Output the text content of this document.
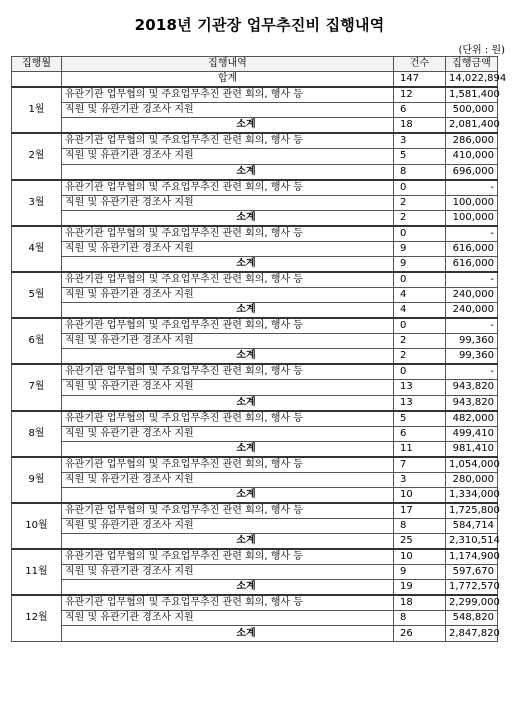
2018년 기관장 업무추진비 집행내역
(단위 : 원)
집행월	집행내역	건수	집행금액
	합계	147	14,022,894
1월	유관기관 업무협의 및 주요업무추진 관련 회의, 행사 등	12	1,581,400
	직원 및 유관기관 경조사 지원	6	500,000
	소계	18	2,081,400
2월	유관기관 업무협의 및 주요업무추진 관련 회의, 행사 등	3	286,000
	직원 및 유관기관 경조사 지원	5	410,000
	소계	8	696,000
3월	유관기관 업무협의 및 주요업무추진 관련 회의, 행사 등	0	-
	직원 및 유관기관 경조사 지원	2	100,000
	소계	2	100,000
4월	유관기관 업무협의 및 주요업무추진 관련 회의, 행사 등	0	-
	직원 및 유관기관 경조사 지원	9	616,000
	소계	9	616,000
5월	유관기관 업무협의 및 주요업무추진 관련 회의, 행사 등	0	-
	직원 및 유관기관 경조사 지원	4	240,000
	소계	4	240,000
6월	유관기관 업무협의 및 주요업무추진 관련 회의, 행사 등	0	-
	직원 및 유관기관 경조사 지원	2	99,360
	소계	2	99,360
7월	유관기관 업무협의 및 주요업무추진 관련 회의, 행사 등	0	-
	직원 및 유관기관 경조사 지원	13	943,820
	소계	13	943,820
8월	유관기관 업무협의 및 주요업무추진 관련 회의, 행사 등	5	482,000
	직원 및 유관기관 경조사 지원	6	499,410
	소계	11	981,410
9월	유관기관 업무협의 및 주요업무추진 관련 회의, 행사 등	7	1,054,000
	직원 및 유관기관 경조사 지원	3	280,000
	소계	10	1,334,000
10월	유관기관 업무협의 및 주요업무추진 관련 회의, 행사 등	17	1,725,800
	직원 및 유관기관 경조사 지원	8	584,714
	소계	25	2,310,514
11월	유관기관 업무협의 및 주요업무추진 관련 회의, 행사 등	10	1,174,900
	직원 및 유관기관 경조사 지원	9	597,670
	소계	19	1,772,570
12월	유관기관 업무협의 및 주요업무추진 관련 회의, 행사 등	18	2,299,000
	직원 및 유관기관 경조사 지원	8	548,820
	소계	26	2,847,820
